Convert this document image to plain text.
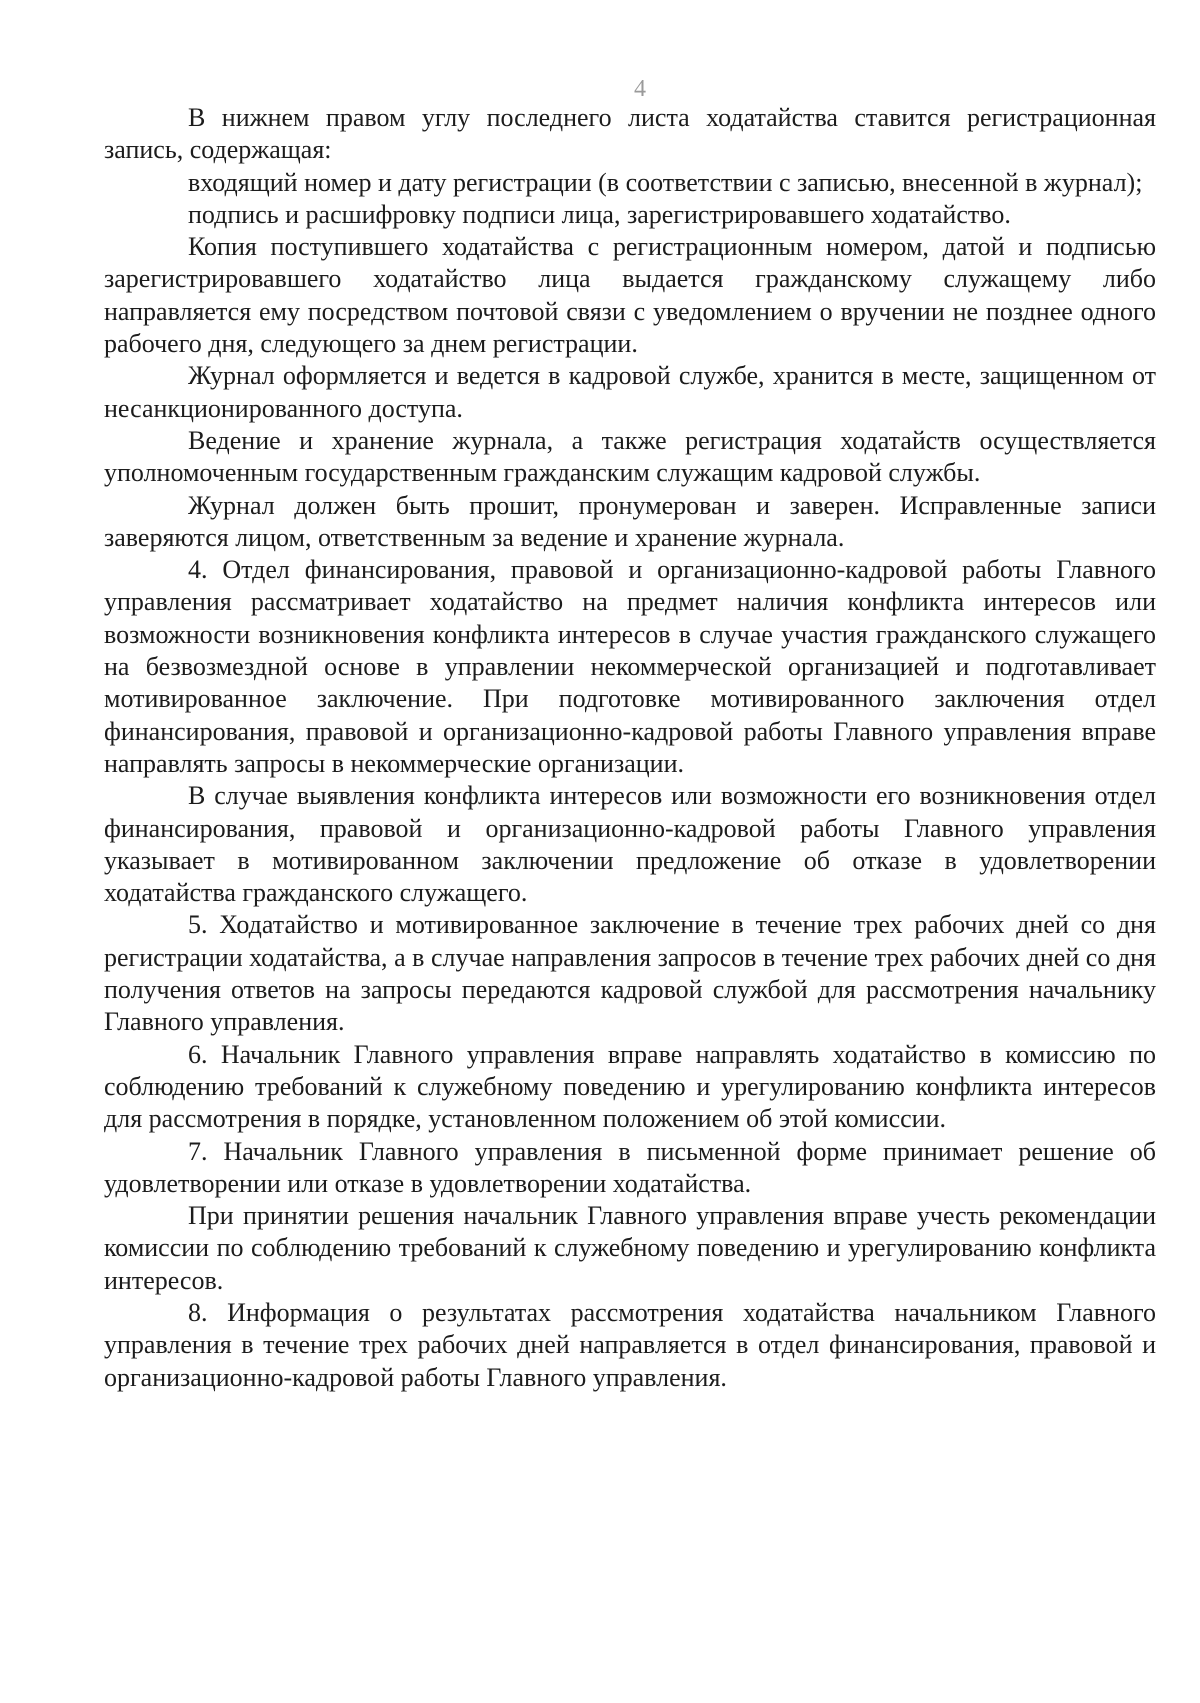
4

В нижнем правом углу последнего листа ходатайства ставится регистрационная запись, содержащая:

входящий номер и дату регистрации (в соответствии с записью, внесенной в журнал);

подпись и расшифровку подписи лица, зарегистрировавшего ходатайство.

Копия поступившего ходатайства с регистрационным номером, датой и подписью зарегистрировавшего ходатайство лица выдается гражданскому служащему либо направляется ему посредством почтовой связи с уведомлением о вручении не позднее одного рабочего дня, следующего за днем регистрации.

Журнал оформляется и ведется в кадровой службе, хранится в месте, защищенном от несанкционированного доступа.

Ведение и хранение журнала, а также регистрация ходатайств осуществляется уполномоченным государственным гражданским служащим кадровой службы.

Журнал должен быть прошит, пронумерован и заверен. Исправленные записи заверяются лицом, ответственным за ведение и хранение журнала.

4. Отдел финансирования, правовой и организационно-кадровой работы Главного управления рассматривает ходатайство на предмет наличия конфликта интересов или возможности возникновения конфликта интересов в случае участия гражданского служащего на безвозмездной основе в управлении некоммерческой организацией и подготавливает мотивированное заключение. При подготовке мотивированного заключения отдел финансирования, правовой и организационно-кадровой работы Главного управления вправе направлять запросы в некоммерческие организации.

В случае выявления конфликта интересов или возможности его возникновения отдел финансирования, правовой и организационно-кадровой работы Главного управления указывает в мотивированном заключении предложение об отказе в удовлетворении ходатайства гражданского служащего.

5. Ходатайство и мотивированное заключение в течение трех рабочих дней со дня регистрации ходатайства, а в случае направления запросов в течение трех рабочих дней со дня получения ответов на запросы передаются кадровой службой для рассмотрения начальнику Главного управления.

6. Начальник Главного управления вправе направлять ходатайство в комиссию по соблюдению требований к служебному поведению и урегулированию конфликта интересов для рассмотрения в порядке, установленном положением об этой комиссии.

7. Начальник Главного управления в письменной форме принимает решение об удовлетворении или отказе в удовлетворении ходатайства.

При принятии решения начальник Главного управления вправе учесть рекомендации комиссии по соблюдению требований к служебному поведению и урегулированию конфликта интересов.

8. Информация о результатах рассмотрения ходатайства начальником Главного управления в течение трех рабочих дней направляется в отдел финансирования, правовой и организационно-кадровой работы Главного управления.
